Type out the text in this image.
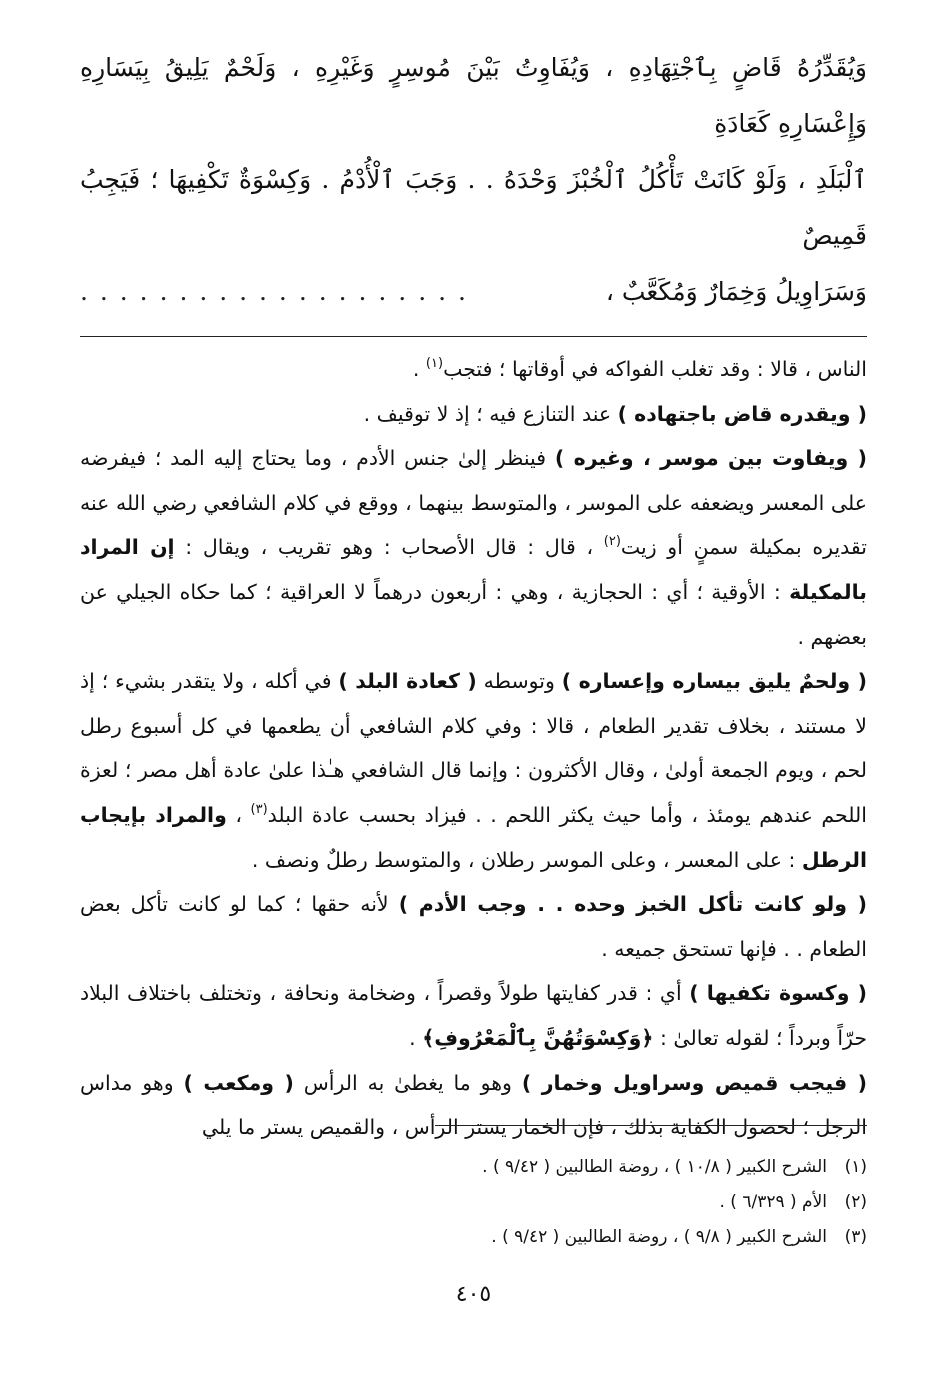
وَيُقَدِّرُهُ قَاضٍ بِٱجْتِهَادِهِ ، وَيُفَاوِتُ بَيْنَ مُوسِرٍ وَغَيْرِهِ ، وَلَحْمٌ يَلِيقُ بِيَسَارِهِ وَإِعْسَارِهِ كَعَادَةِ
ٱلْبَلَدِ ، وَلَوْ كَانَتْ تَأْكُلُ ٱلْخُبْزَ وَحْدَهُ . . وَجَبَ ٱلْأُدْمُ . وَكِسْوَةٌ تَكْفِيهَا ؛ فَيَجِبُ قَمِيصٌ
وَسَرَاوِيلُ وَخِمَارٌ وَمُكَعَّبٌ ،
. . . . . . . . . . . . . . . . . . . .

الناس ، قالا : وقد تغلب الفواكه في أوقاتها ؛ فتجب$^{(١)}$ .

( ويقدره قاض باجتهاده ) عند التنازع فيه ؛ إذ لا توقيف .

( ويفاوت بين موسر ، وغيره ) فينظر إلىٰ جنس الأدم ، وما يحتاج إليه المد ؛ فيفرضه على المعسر ويضعفه على الموسر ، والمتوسط بينهما ، ووقع في كلام الشافعي رضي الله عنه تقديره بمكيلة سمنٍ أو زيت$^{(٢)}$ ، قال : قال الأصحاب : وهو تقريب ، ويقال : إن المراد بالمكيلة : الأوقية ؛ أي : الحجازية ، وهي : أربعون درهماً لا العراقية ؛ كما حكاه الجيلي عن بعضهم .

( ولحمٌ يليق بيساره وإعساره ) وتوسطه ( كعادة البلد ) في أكله ، ولا يتقدر بشيء ؛ إذ لا مستند ، بخلاف تقدير الطعام ، قالا : وفي كلام الشافعي أن يطعمها في كل أسبوع رطل لحم ، ويوم الجمعة أولىٰ ، وقال الأكثرون : وإنما قال الشافعي هـٰذا علىٰ عادة أهل مصر ؛ لعزة اللحم عندهم يومئذ ، وأما حيث يكثر اللحم . . فيزاد بحسب عادة البلد$^{(٣)}$ ، والمراد بإيجاب الرطل : على المعسر ، وعلى الموسر رطلان ، والمتوسط رطلٌ ونصف .

( ولو كانت تأكل الخبز وحده . . وجب الأدم ) لأنه حقها ؛ كما لو كانت تأكل بعض الطعام . . فإنها تستحق جميعه .

( وكسوة تكفيها ) أي : قدر كفايتها طولاً وقصراً ، وضخامة ونحافة ، وتختلف باختلاف البلاد حرّاً وبرداً ؛ لقوله تعالىٰ : ﴿وَكِسْوَتُهُنَّ بِٱلْمَعْرُوفِ﴾ .

( فيجب قميص وسراويل وخمار ) وهو ما يغطىٰ به الرأس ( ومكعب ) وهو مداس الرجل ؛ لحصول الكفاية بذلك ، فإن الخمار يستر الرأس ، والقميص يستر ما يلي

(١)الشرح الكبير ( ١٠/٨ ) ، روضة الطالبين ( ٩/٤٢ ) .
(٢)الأم ( ٦/٣٢٩ ) .
(٣)الشرح الكبير ( ٩/٨ ) ، روضة الطالبين ( ٩/٤٢ ) .
٤٠٥
